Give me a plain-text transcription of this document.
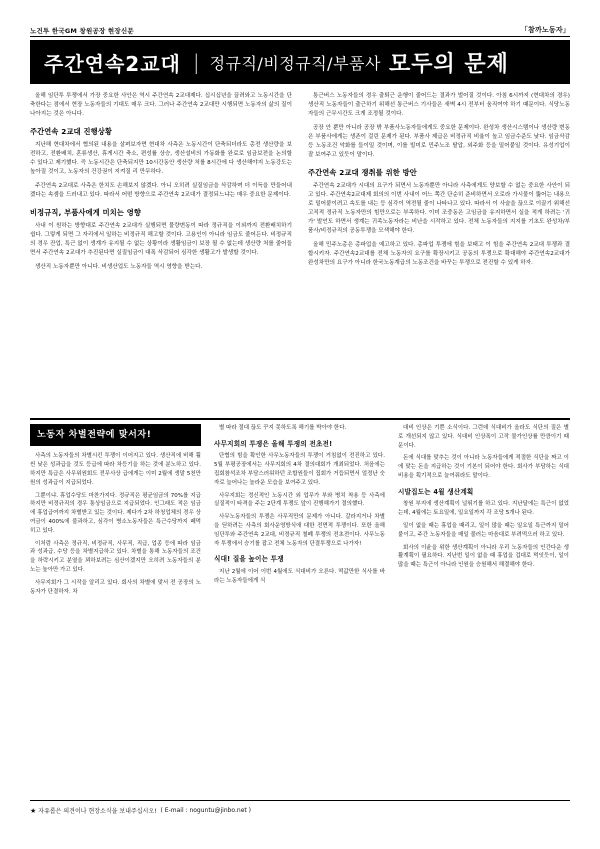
노건투 한국GM 창원공장 현장신문	「참까노동자」
주간연속2교대 | 정규직/비정규직/부품사 모두의 문제

올해 임단투 투쟁에서 가장 중요한 사안은 역시 주간연속 2교대제다. 십시십년을 끌려와고 노동시간을 단축한다는 점에서 현장 노동자들의 기대도 매우 크다. 그러나 주간연속 2교대만 시행되면 노동자의 삶의 질이 나아지는 것은 아니다.

주간연속 2교대 진행상황

지난해 현대차에서 협의된 내용을 살펴보자면 현대차 사측은 노동시간이 단축되더라도 총전 생산량을 보전하고, 전환배치, 혼류생산, 휴게시간 축소, 편성률 상승, 생산설비의 가동화를 완료로 임금보전을 논의할 수 있다고 제기했다. 즉 노동시간은 단축되지만 10시간동안 생산량 처를 8시간에 다 생산해야지 노동강도는 높아질 것이고, 노동자의 건강권이 지켜질 리 만무하다.

주간연속 2교대로 사측은 한치도 손해보지 않겠다. 아니 오히려 실질임금을 삭감하며 더 이득을 만들어내겠다는 속셈을 드러내고 있다. 따라서 어떤 방향으로 주간연속 2교대가 결정되느냐는 매우 중요한 문제이다.

비정규직, 부품사에게 미치는 영향

사내 이 원하는 방향대로 주간연속 2교대가 실행되면 물량변동이 따라 정규직을 이외까지 전환배치하기 쉽다. 그렇게 되면 그 자리에서 일하는 비정규직 해고할 것이다. 고용인이 아니라 임금도 줄어든다. 비정규직의 경우 잔업, 특근 없이 생계가 유지될 수 없는 상황이라 생활임금이 보장 될 수 없는데 생산량 처를 줄어들면서 주간연속 2교대가 추진된다면 실질임금이 대폭 삭감되어 심각한 생활고가 발생할 것이다.

생산직 노동자뿐만 아니다. 비생산업도 노동자들 역시 영향을 받는다.

통근버스 노동자들의 경우 출퇴근 운행이 줄어드는 결과가 벌어질 것이다. 아침 6시까지 (현대차의 경우) 생산직 노동자들이 출근하기 위해선 통근버스 기사들은 새벽 4시 전부터 움직여야 하기 때문이다. 식당노동자들의 근무시간도 크게 조정될 것이다.

공장 안 뿐만 아니라 공장 밖 부품사노동자들에게도 중요한 문제이다. 완성차 생산시스템이나 생산량 변동은 부품사에게는 생존이 걸린 문제가 된다. 부품사 제급은 비정규직 비율이 높고 임금수준도 낮다. 임금삭감 등 노동조건 악화를 들이밀 것이며, 이를 빌미로 민주노조 탈압, 외주화 등을 밀어붙일 것이다. 유성기업이 잘 보여주고 있듯이 말이다.

주간연속 2교대 쟁취를 위한 방안

주간연속 2교대가 시대의 요구가 되면서 노동자뿐만 아니라 사측에게도 양보할 수 없는 중요한 사안이 되고 있다. 주간연속2교대제 회의의 이번 사내이 어느 쪽간 단순히 준비하면서 오로라 가시물이 뚫어는 내용으로 밀어붙이려고 속도를 내는 등 심각이 역전될 줄이 나타나고 있다. 따라서 이 사슬을 끊으로 이끌기 위해선 고직적 정규직 노동자만의 힘만으로는 부족하다. 이미 조중동은 고임금을 유지하면서 실을 적게 하려는 '귀가' 발언도 하면서 생계는 귀족노동자라는 비난을 시작하고 있다. 전체 노동자들의 지지를 기초도 완성차/부품사/비정규직의 공동투쟁을 모색해야 한다.

올해 민주노총은 총파업을 예고하고 있다. 총파업 투쟁에 힘을 보태고 이 힘을 주간연속 2교대 투쟁과 결합시키자. 주간연속2교대를 전체 노동자의 요구를 확장시키고 공동의 투쟁으로 확대해야 주간연속2교대가 완성차만의 요구가 아니라 한국노동계급의 노동조건을 바꾸는 투쟁으로 전진할 수 있게 하자.

노동자 차별전략에 맞서자!

사측의 노동자들의 차별시킨 투쟁이 이어지고 있다. 생산직에 비해 훨씬 낮은 성과급을 것도 등급에 따라 차등기을 하는 것에 분노하고 있다. 하지만 특급은 사무위원회도 전무사상 급에게는 이미 2월에 생말 5천만원의 성과급이 지급되었다.

그뿐이냐. 휴업수당도 마찬가지다. 정규직은 평균임금의 70%를 지급하지만 비정규직의 경우 통상임금으로 지급되었다. 인그래도 적은 임금에 휴업급여까지 차별받고 있는 것이다. 제다가 2차 하청업체의 경우 상여금이 400%에 불과하고, 심각이 병소노동자들은 특근수당까지 떼먹히고 있다.

이처럼 사측은 정규직, 비정규직, 사무직, 직급, 업종 등에 따라 임금과 성과급, 수당 등을 차별지급하고 있다. 차별을 통해 노동자들의 조건을 하락시키고 분열을 꾀하보려는 심산이겠지만 오히려 노동자들의 분노는 높아만 가고 있다.

사무지회가 그 시작을 알리고 있다. 회사의 차별에 맞서 전 공장의 노동자가 단결하자. 차

별 따라 절대 끊도 꾸지 못하도록 해기를 박아야 한다.

사무지회의 투쟁은 올해 투쟁의 전초전!

단협의 힘을 확인한 사무노동자들의 투쟁이 거침없이 전진하고 있다. 5월 부평공장에서는 사무지회의 4차 결의대회가 개최되었다. 처음에는 집회참석조차 부담스러워하던 조합원들이 집회가 거듭되면서 얼정난 숫자로 늘어나는 놀라운 모습을 보여주고 있다.

사무지회는 정신적인 노동시간 외 업무가 부와 병치 착용 등 사측에 실질적이 타격을 주는 2단계 투쟁도 앞이 진행해가기 결의했다.

사무노동자들의 투쟁은 사무직만의 문제가 아니다. 갈라지거나 차별을 딛하려는 사측의 회사운영방식에 대한 전면적 투쟁이다. 또한 올해 임단투와 주간연속 2교대, 비정규직 철폐 투쟁의 전초전이다. 사무노동자 투쟁에서 승기를 잡고 전체 노동자의 단결투쟁으로 나가자!

식대! 질을 높이는 투쟁

지난 2월에 이어 이번 4월에도 식대비가 오른다. 떡값만한 식사를 바라는 노동자들에게 식

대비 인상은 기쁜 소식이다. 그런데 식대비가 올라도 식단의 질은 별로 개선되지 않고 있다. 식대비 인상폭이 고작 물가인상률 만큼이기 때문이다.

돈에 식대를 맞추는 것이 아니라 노동자들에게 적절한 식단을 짜고 이에 맞는 돈을 지급하는 것이 기본이 되어야 한다. 회사가 부담하는 식대비용을 획기적으로 늘여줘라도 말이다.

시발집도는 4월 생산계획

창원 부지에 생산계획이 널뛰기를 하고 있다. 지난달에는 특근이 없었는데, 4월에는 토요일에, 일요일까지 각 조당 5개나 된다.

일이 없을 때는 휴업을 때리고, 일이 많을 때는 일요일 특근까지 밀어붙이고, 주간 노동자들을 매일 불러는 마음대로 부려먹으러 하고 있다.

회사의 이윤을 위한 생산계획이 아니라 우리 노동자들의 인간다운 생활계획이 필요하다. 지난번 일이 없을 때 휴업을 겁대로 먹잇듯이, 일이 많을 때는 특근이 아니라 인원을 승원해서 해결해야 한다.

★ 자유롭은 의견이나 현장소식을 보내주십시오! ( E-mail : noguntu@jinbo.net )
